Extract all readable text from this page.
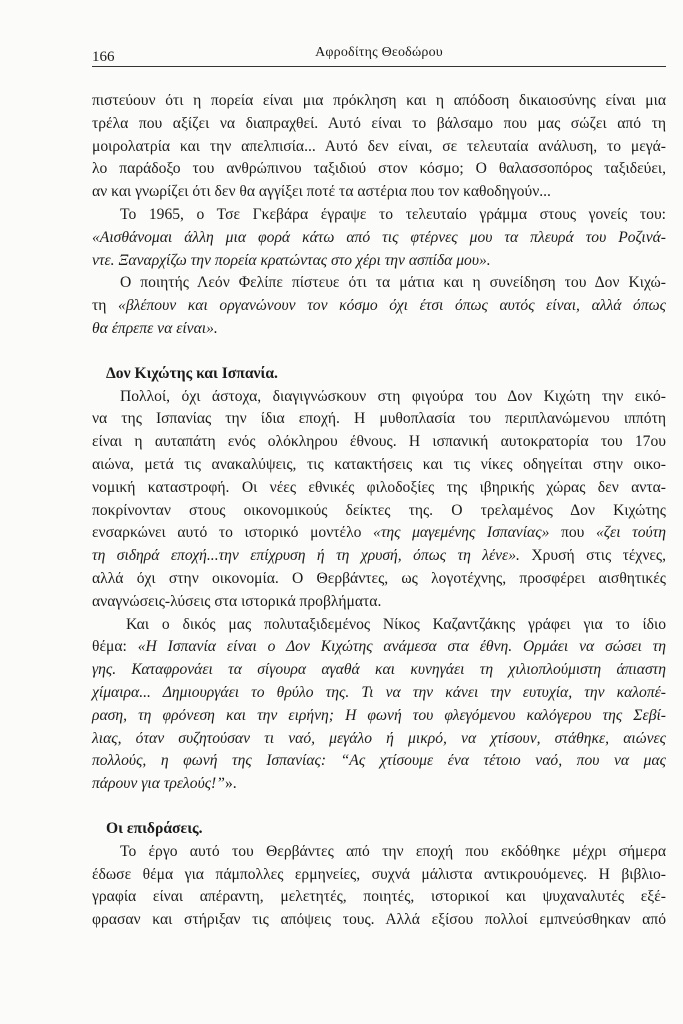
166	Αφροδίτης Θεοδώρου
πιστεύουν ότι η πορεία είναι μια πρόκληση και η απόδοση δικαιοσύνης είναι μια
τρέλα που αξίζει να διαπραχθεί. Αυτό είναι το βάλσαμο που μας σώζει από τη
μοιρολατρία και την απελπισία... Αυτό δεν είναι, σε τελευταία ανάλυση, το μεγά-
λο παράδοξο του ανθρώπινου ταξιδιού στον κόσμο; Ο θαλασσοπόρος ταξιδεύει,
αν και γνωρίζει ότι δεν θα αγγίξει ποτέ τα αστέρια που τον καθοδηγούν...
Το 1965, ο Τσε Γκεβάρα έγραψε το τελευταίο γράμμα στους γονείς του:
«Αισθάνομαι άλλη μια φορά κάτω από τις φτέρνες μου τα πλευρά του Ροζινά-
ντε. Ξαναρχίζω την πορεία κρατώντας στο χέρι την ασπίδα μου».
Ο ποιητής Λεόν Φελίπε πίστευε ότι τα μάτια και η συνείδηση του Δον Κιχώ-
τη «βλέπουν και οργανώνουν τον κόσμο όχι έτσι όπως αυτός είναι, αλλά όπως
θα έπρεπε να είναι».
Δον Κιχώτης και Ισπανία.
Πολλοί, όχι άστοχα, διαγιγνώσκουν στη φιγούρα του Δον Κιχώτη την εικό-
να της Ισπανίας την ίδια εποχή. Η μυθοπλασία του περιπλανώμενου ιππότη
είναι η αυταπάτη ενός ολόκληρου έθνους. Η ισπανική αυτοκρατορία του 17ου
αιώνα, μετά τις ανακαλύψεις, τις κατακτήσεις και τις νίκες οδηγείται στην οικο-
νομική καταστροφή. Οι νέες εθνικές φιλοδοξίες της ιβηρικής χώρας δεν αντα-
ποκρίνονταν στους οικονομικούς δείκτες της. Ο τρελαμένος Δον Κιχώτης
ενσαρκώνει αυτό το ιστορικό μοντέλο «της μαγεμένης Ισπανίας» που «ζει τούτη
τη σιδηρά εποχή...την επίχρυση ή τη χρυσή, όπως τη λένε». Χρυσή στις τέχνες,
αλλά όχι στην οικονομία. Ο Θερβάντες, ως λογοτέχνης, προσφέρει αισθητικές
αναγνώσεις-λύσεις στα ιστορικά προβλήματα.
Και ο δικός μας πολυταξιδεμένος Νίκος Καζαντζάκης γράφει για το ίδιο
θέμα: «Η Ισπανία είναι ο Δον Κιχώτης ανάμεσα στα έθνη. Ορμάει να σώσει τη
γης. Καταφρονάει τα σίγουρα αγαθά και κυνηγάει τη χιλιοπλούμιστη άπιαστη
χίμαιρα... Δημιουργάει το θρύλο της. Τι να την κάνει την ευτυχία, την καλοπέ-
ραση, τη φρόνεση και την ειρήνη; Η φωνή του φλεγόμενου καλόγερου της Σεβί-
λιας, όταν συζητούσαν τι ναό, μεγάλο ή μικρό, να χτίσουν, στάθηκε, αιώνες
πολλούς, η φωνή της Ισπανίας: “Ας χτίσουμε ένα τέτοιο ναό, που να μας
πάρουν για τρελούς!”».
Οι επιδράσεις.
Το έργο αυτό του Θερβάντες από την εποχή που εκδόθηκε μέχρι σήμερα
έδωσε θέμα για πάμπολλες ερμηνείες, συχνά μάλιστα αντικρουόμενες. Η βιβλιο-
γραφία είναι απέραντη, μελετητές, ποιητές, ιστορικοί και ψυχαναλυτές εξέ-
φρασαν και στήριξαν τις απόψεις τους. Αλλά εξίσου πολλοί εμπνεύσθηκαν από
